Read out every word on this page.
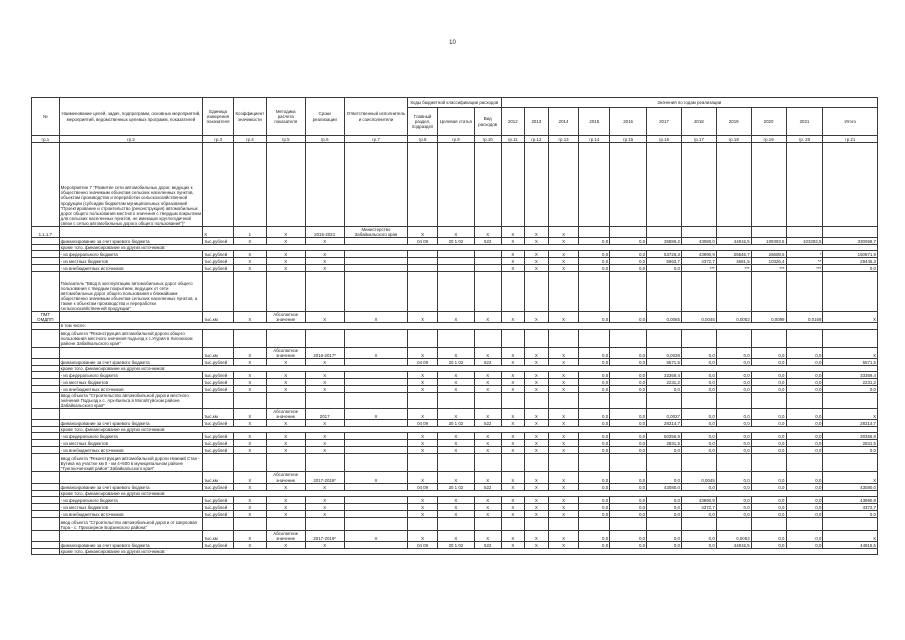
10
№	Наименование целей, задач, подпрограмм, основных мероприятий, мероприятий, ведомственных целевых программ, показателей	Единица измерения показателя	Коэффициент значимости	Методика расчета показателя	Сроки реализации	Ответственный исполнитель и соисполнители	Коды бюджетной классификации расходов			Значения по годам реализации										
							Главный раздел, подраздел	Целевая статья	Вид расходов	2012	2013	2014	2015	2016	2017	2018	2019	2020	2021	Итого
гр.1	гр.2	гр.3	гр.4	гр.5	гр.6	гр.7	гр.8	гр.9	гр.10	гр.11	гр.12	гр.13	гр.14	гр.15	гр.16	гр.17	гр.18	гр.19	гр. 20	гр.21
	Мероприятие 7 "Развитие сети автомобильных дорог, ведущих к общественно значимым объектам сельских населенных пунктов, объектам производства и переработки сельскохозяйственной продукции (субсидии бюджетам муниципальных образований "Проектирование и строительство (реконструкция) автомобильных дорог общего пользования местного значения с твердым покрытием для сельских населенных пунктов, не имеющих круглогодичной связи с сетью автомобильных дорого общего пользования")"																			
1.1.1.7		Х	1	Х	2015-2021	Министерство Забайкальского края	Х	Х	Х	Х	Х	Х								
	финансирование за счет краевого бюджета	тыс.рублей	Х	Х	Х		04 09	20 1 02	522	Х	Х	Х	0,0	0,0	35886,2	43080,0	44915,5	109393,5	103283,5	330058,7
	кроме того, финансирование из других источников:																			
	- из федерального бюджета	тыс.рублей	Х	Х	Х					Х	Х	Х	0,0	0,0	53726,3	43990,9	25546,7	26608,5	*	150871,9
	- из местных бюджетов	тыс.рублей	Х	Х	Х					Х	Х	Х	0,0	0,0	5963,7	4372,7	4681,5	10326,4	**	29445,3
	- из внебюджетных источников	тыс.рублей	Х	Х	Х					Х	Х	Х	0,0	0,0	0,0	***	***	***	***	0,0
	Показатель "Ввод в эксплуатацию автомобильных дорог общего пользования с твердым покрытием, ведущих от сети автомобильных дорог общего пользования к ближайшим общественно значимым объектам сельских населенных пунктов, а также к объектам производства и переработки сельскохозяйственной продукции"																			
ПМТ ОМДПП		тыс.км	Х	Абсолютное значение	Х	Х	Х	Х	Х	Х	Х	Х	0,0	0,0	0,0065	0,0045	0,0053	0,0099	0,0168	Х
	в том числе:																			
	ввод объекта "Реконструкция автомобильной дороги общего пользования местного значения подъезд к с.Угурия в Хилокском районе Забайкальского края"																			
		тыс.км	Х	Абсолютное значение	2016-2017*	Х	Х	Х	Х	Х	Х	Х	0,0	0,0	0,0038	0,0	0,0	0,0	0,0	Х
	финансирование за счет краевого бюджета	тыс.рублей	Х	Х	Х		04 09	20 1 02	522	Х	Х	Х	0,0	0,0	5571,5	0,0	0,0	0,0	0,0	5571,5
	кроме того, финансирование из других источников:																			
	- из федерального бюджета	тыс.рублей	Х	Х	Х		Х	Х	Х	Х	Х	Х	0,0	0,0	33369,4	0,0	0,0	0,0	0,0	33369,4
	- из местных бюджетов	тыс.рублей	Х	Х	Х		Х	Х	Х	Х	Х	Х	0,0	0,0	2231,2	0,0	0,0	0,0	0,0	2231,2
	- из внебюджетных источников	тыс.рублей	Х	Х	Х		Х	Х	Х	Х	Х	Х	0,0	0,0	0,0	0,0	0,0	0,0	0,0	0,0
	ввод объекта "Строительство автомобильной дороги местного значения Подъезд к с. Арх-Бильга в Могойтуйском районе Забайкальского края"																			
		тыс.км	Х	Абсолютное значение	2017	Х	Х	Х	Х	Х	Х	Х	0,0	0,0	0,0027	0,0	0,0	0,0	0,0	Х
	финансирование за счет краевого бюджета	тыс.рублей	Х	Х	Х		04 09	20 1 02	522	Х	Х	Х	0,0	0,0	28314,7	0,0	0,0	0,0	0,0	28314,7
	кроме того, финансирование из других источников:																			
	- из федерального бюджета	тыс.рублей	Х	Х	Х		Х	Х	Х	Х	Х	Х	0,0	0,0	50356,9	0,0	0,0	0,0	0,0	30356,9
	- из местных бюджетов	тыс.рублей	Х	Х	Х		Х	Х	Х	Х	Х	Х	0,0	0,0	2831,5	0,0	0,0	0,0	0,0	2831,5
	- из внебюджетных источников	тыс.рублей	Х	Х	Х		Х	Х	Х	Х	Х	Х	0,0	0,0	0,0	0,0	0,0	0,0	0,0	0,0
	ввод объекта "Реконструкция автомобильной дороги Нижний Стан - Бутика на участке км 0 - км 4+500 в муниципальном районе "Тунгокоченский район" Забайкальского края"																			
		тыс.км	Х	Абсолютное значение	2017-2018*	Х	Х	Х	Х	Х	Х	Х	0,0	0,0	0,0	0,0045	0,0	0,0	0,0	Х
	финансирование за счет краевого бюджета	тыс.рублей	Х	Х	Х		04 09	20 1 02	522	Х	Х	Х	0,0	0,0	43080,0	0,0	0,0	0,0	0,0	43080,0
	кроме того, финансирование из других источников:																			
	- из федерального бюджета	тыс.рублей	Х	Х	Х		Х	Х	Х	Х	Х	Х	0,0	0,0	0,0	43990,9	0,0	0,0	0,0	43990,9
	- из местных бюджетов	тыс.рублей	Х	Х	Х		Х	Х	Х	Х	Х	Х	0,0	0,0	0,0	4372,7	0,0	0,0	0,0	4372,7
	- из внебюджетных источников	тыс.рублей	Х	Х	Х		Х	Х	Х	Х	Х	Х	0,0	0,0	0,0	0,0	0,0	0,0	0,0	0,0
	ввод объекта "Строительство автомобильной дороги от Шерловая Гора - с. Приозерное Борзинского района"																			
		тыс.км	Х	Абсолютное значение	2017-2019*	Х	Х	Х	Х	Х	Х	Х	0,0	0,0	0,0	0,0	0,0053	0,0	0,0	Х
	финансирование за счет краевого бюджета	тыс.рублей	Х	Х	Х		04 09	20 1 02	522	Х	Х	Х	0,0	0,0	0,0	0,0	44915,5	0,0	0,0	44915,5
	кроме того, финансирование из других источников:																			
